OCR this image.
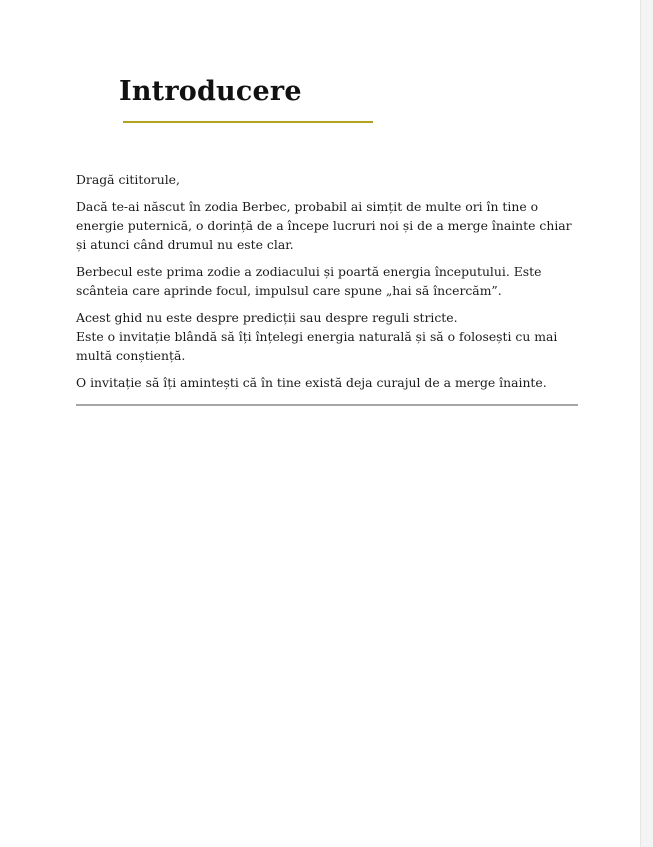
Introducere

Dragă cititorule,

Dacă te-ai născut în zodia Berbec, probabil ai simțit de multe ori în tine o energie puternică, o dorință de a începe lucruri noi și de a merge înainte chiar și atunci când drumul nu este clar.

Berbecul este prima zodie a zodiacului și poartă energia începutului. Este scânteia care aprinde focul, impulsul care spune „hai să încercăm”.

Acest ghid nu este despre predicții sau despre reguli stricte.

Este o invitație blândă să îți înțelegi energia naturală și să o folosești cu mai multă conștiență.

O invitație să îți amintești că în tine există deja curajul de a merge înainte.
